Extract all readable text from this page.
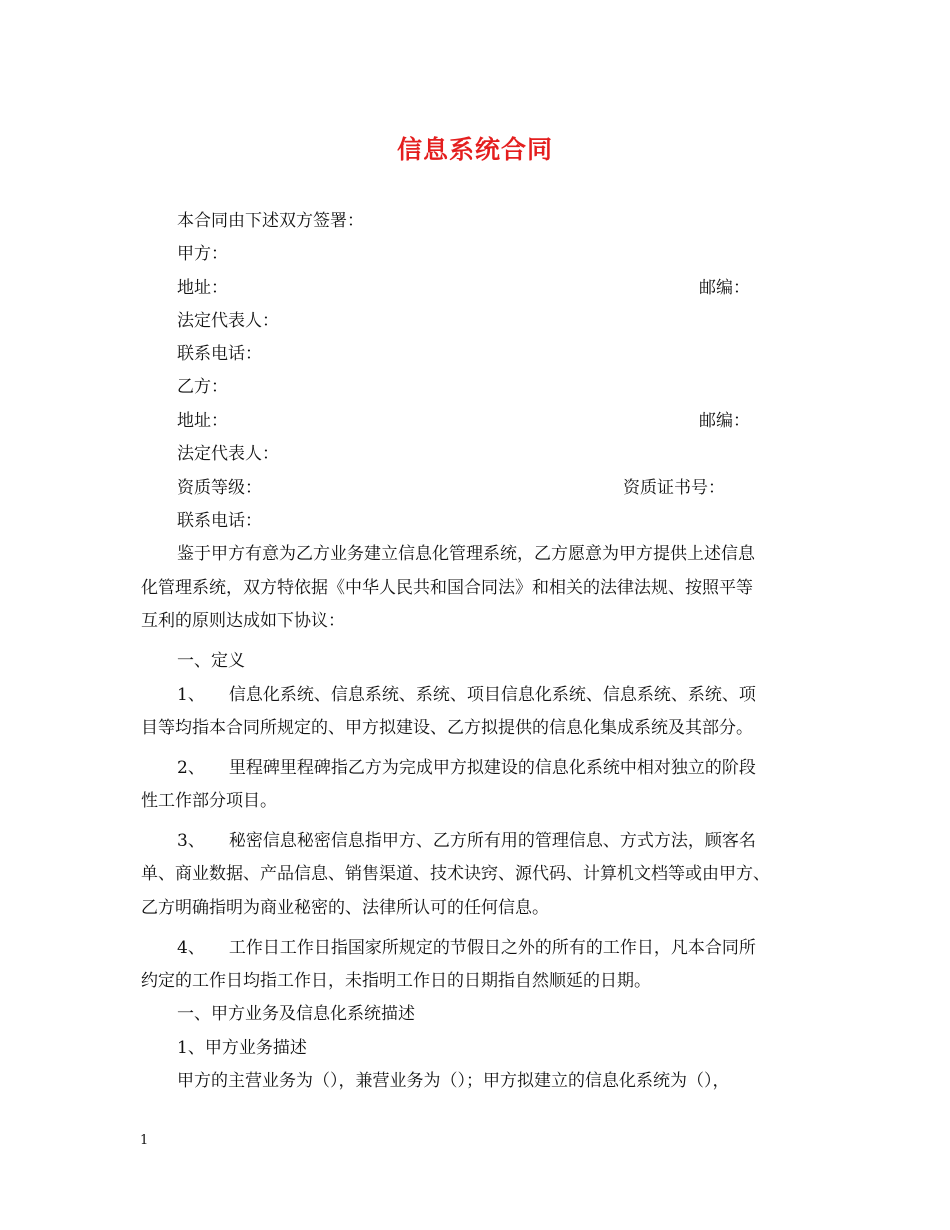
信息系统合同
本合同由下述双方签署：
甲方：
地址：	邮编：
法定代表人：
联系电话：
乙方：
地址：	邮编：
法定代表人：
资质等级：	资质证书号：
联系电话：
鉴于甲方有意为乙方业务建立信息化管理系统，乙方愿意为甲方提供上述信息
化管理系统，双方特依据《中华人民共和国合同法》和相关的法律法规、按照平等
互利的原则达成如下协议：
一、定义
1、 信息化系统、信息系统、系统、项目信息化系统、信息系统、系统、项
目等均指本合同所规定的、甲方拟建设、乙方拟提供的信息化集成系统及其部分。
2、 里程碑里程碑指乙方为完成甲方拟建设的信息化系统中相对独立的阶段
性工作部分项目。
3、 秘密信息秘密信息指甲方、乙方所有用的管理信息、方式方法，顾客名
单、商业数据、产品信息、销售渠道、技术诀窍、源代码、计算机文档等或由甲方、
乙方明确指明为商业秘密的、法律所认可的任何信息。
4、 工作日工作日指国家所规定的节假日之外的所有的工作日，凡本合同所
约定的工作日均指工作日，未指明工作日的日期指自然顺延的日期。
一、甲方业务及信息化系统描述
1、甲方业务描述
甲方的主营业务为（），兼营业务为（）；甲方拟建立的信息化系统为（），
1
